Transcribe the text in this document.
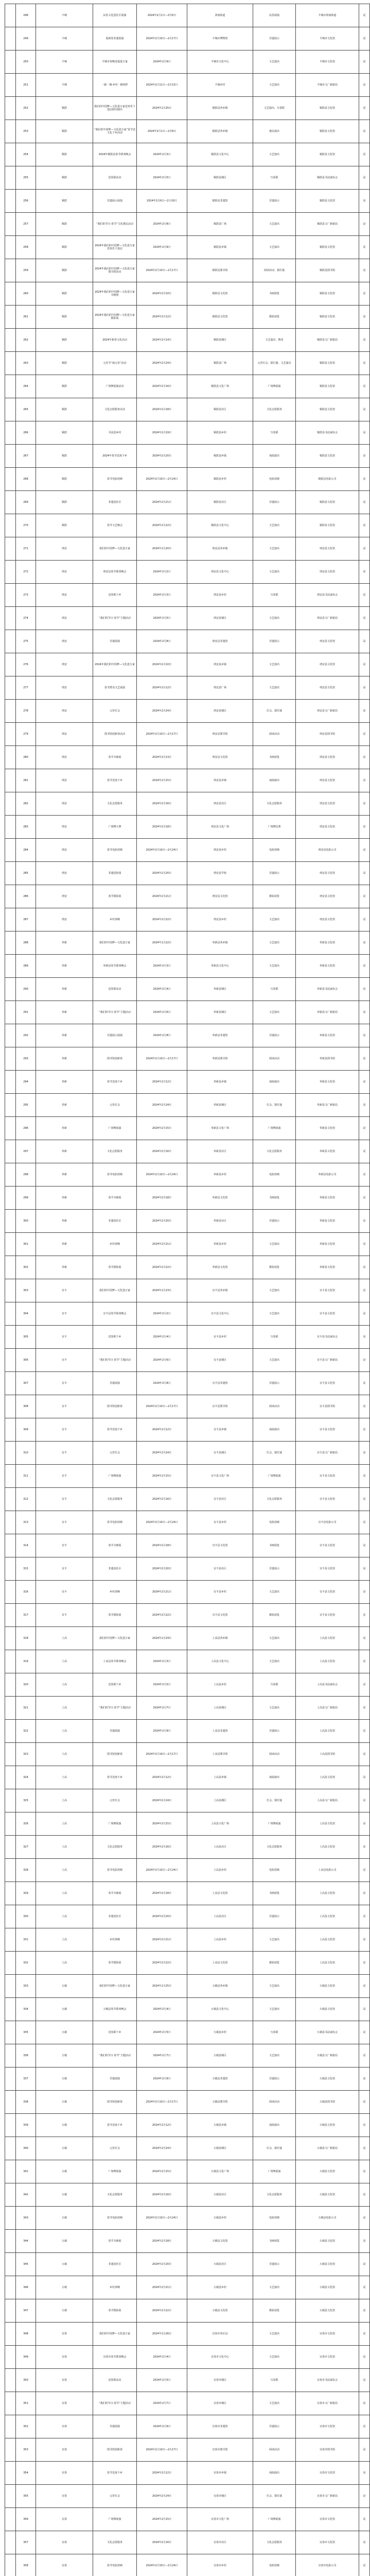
	248	丰城	民俗文化进社区展演	2024年2月1日—2月6日	剑南街道	民俗展演	丰城市剑南街道	是
	249	丰城	迎新春非遗展演	2024年2月10日—2月17日	丰城市博物馆	非遗展示	丰城市文化馆	是
	250	丰城	丰城市春晚送福进万家	2024年2月9日	丰城市文化中心	文艺演出	丰城市文化馆	是
	251	丰城	一路一城·乡村一路相伴	2024年2月11日—2月15日	丰城乡村	文艺演出	丰城市文广新旅局	是
	252	铜鼓	我们的中国梦—文化进万家送欢乐下基层慰问演出	2024年1月25日	铜鼓县各乡镇	文艺演出、写春联	铜鼓县文化馆	是
	253	铜鼓	“我们的中国梦—文化进万家”春节送文化下乡活动	2024年2月1日—2月8日	铜鼓县各乡镇	惠民演出	铜鼓县文化馆	是
	254	铜鼓	2024年铜鼓县春节联欢晚会	2024年2月3日	铜鼓县文化中心	文艺演出	铜鼓县文化馆	是
	255	铜鼓	送春联活动	2024年2月5日	铜鼓县城区	写春联	铜鼓县书法家协会	是
	256	铜鼓	非遗展示展演	2024年2月6日—2月10日	铜鼓县非遗馆	非遗展示	铜鼓县文化馆	是
	257	铜鼓	“我们的节日·春节”文化惠民活动	2024年2月8日	铜鼓县广场	文艺演出	铜鼓县文广新旅局	是
	258	铜鼓	2024年我们的中国梦—文化进万家送欢乐下基层	2024年2月9日	铜鼓县乡镇	文艺演出	铜鼓县文化馆	是
	259	铜鼓	2024年我们的中国梦—文化进万家图书馆活动	2024年2月10日—2月17日	铜鼓县图书馆	阅读活动、猜灯谜	铜鼓县图书馆	是
	260	铜鼓	2024年我们的中国梦—文化进万家书画展	2024年2月10日	铜鼓县文化馆	书画展览	铜鼓县文化馆	是
	261	铜鼓	2024年我们的中国梦—文化进万家摄影展	2024年2月12日	铜鼓县文化馆	摄影展览	铜鼓县文化馆	是
	262	铜鼓	2024年新春文化活动	2024年2月14日	铜鼓县城区	文艺演出、舞龙	铜鼓县文广新旅局	是
	263	铜鼓	元宵节“闹元宵”活动	2024年2月24日	铜鼓县广场	元宵灯会、猜灯谜、文艺演出	铜鼓县文化馆	是
	264	铜鼓	广场舞展演活动	2024年2月16日	铜鼓县文化广场	广场舞展演	铜鼓县文化馆	是
	265	铜鼓	文化志愿服务活动	2024年2月18日	铜鼓县社区	文化志愿服务	铜鼓县文化馆	是
	266	铜鼓	书法进乡村	2024年2月19日	铜鼓县乡村	写春联	铜鼓县书法家协会	是
	267	铜鼓	2024年春节送戏下乡	2024年2月20日	铜鼓县乡镇	戏曲演出	铜鼓县文化馆	是
	268	铜鼓	春节电影放映	2024年2月10日—2月24日	铜鼓县乡村	电影放映	铜鼓县电影公司	是
	269	铜鼓	非遗进社区	2024年2月21日	铜鼓县社区	非遗展示	铜鼓县文化馆	是
	270	铜鼓	春节文艺晚会	2024年2月22日	铜鼓县文化中心	文艺演出	铜鼓县文化馆	是
	271	靖安	我们的中国梦—文化进万家	2024年1月20日	靖安县各乡镇	文艺演出	靖安县文化馆	是
	272	靖安	靖安县春节联欢晚会	2024年2月2日	靖安县文化中心	文艺演出	靖安县文化馆	是
	273	靖安	送春联下乡	2024年2月3日	靖安县乡村	写春联	靖安县书法家协会	是
	274	靖安	“我们的节日·春节”主题活动	2024年2月5日	靖安县城区	文艺演出	靖安县文广新旅局	是
	275	靖安	非遗展演	2024年2月8日	靖安县非遗馆	非遗展示	靖安县文化馆	是
	276	靖安	2024年我们的中国梦—文化进万家	2024年2月10日	靖安县乡镇	文艺演出	靖安县文化馆	是
	277	靖安	春节群众文艺展演	2024年2月12日	靖安县广场	文艺演出	靖安县文化馆	是
	278	靖安	元宵灯会	2024年2月24日	靖安县城区	灯会、猜灯谜	靖安县文广新旅局	是
	279	靖安	图书馆迎新春活动	2024年2月10日—2月17日	靖安县图书馆	阅读活动	靖安县图书馆	是
	280	靖安	春节书画展	2024年2月13日	靖安县文化馆	书画展览	靖安县文化馆	是
	281	靖安	春节送戏下乡	2024年2月15日	靖安县乡镇	戏曲演出	靖安县文化馆	是
	282	靖安	文化志愿服务	2024年2月16日	靖安县社区	文化志愿服务	靖安县文化馆	是
	283	靖安	广场舞大赛	2024年2月18日	靖安县文化广场	广场舞比赛	靖安县文化馆	是
	284	靖安	春节电影放映	2024年2月10日—2月24日	靖安县乡村	电影放映	靖安县电影公司	是
	285	靖安	非遗进校园	2024年2月20日	靖安县学校	非遗展示	靖安县文化馆	是
	286	靖安	春节摄影展	2024年2月21日	靖安县文化馆	摄影展览	靖安县文化馆	是
	287	靖安	乡村春晚	2024年2月22日	靖安县乡村	文艺演出	靖安县文化馆	是
	288	奉新	我们的中国梦—文化进万家	2024年1月22日	奉新县各乡镇	文艺演出	奉新县文化馆	是
	289	奉新	奉新县春节联欢晚会	2024年2月3日	奉新县文化中心	文艺演出	奉新县文化馆	是
	290	奉新	送春联活动	2024年2月4日	奉新县城区	写春联	奉新县书法家协会	是
	291	奉新	“我们的节日·春节”主题活动	2024年2月6日	奉新县城区	文艺演出	奉新县文广新旅局	是
	292	奉新	非遗展示展演	2024年2月8日	奉新县非遗馆	非遗展示	奉新县文化馆	是
	293	奉新	图书馆迎新春	2024年2月10日—2月17日	奉新县图书馆	阅读活动	奉新县图书馆	是
	294	奉新	春节送戏下乡	2024年2月12日	奉新县乡镇	戏曲演出	奉新县文化馆	是
	295	奉新	元宵灯会	2024年2月24日	奉新县城区	灯会、猜灯谜	奉新县文广新旅局	是
	296	奉新	广场舞展演	2024年2月15日	奉新县文化广场	广场舞展演	奉新县文化馆	是
	297	奉新	文化志愿服务	2024年2月16日	奉新县社区	文化志愿服务	奉新县文化馆	是
	298	奉新	春节电影放映	2024年2月10日—2月24日	奉新县乡村	电影放映	奉新县电影公司	是
	299	奉新	春节书画展	2024年2月18日	奉新县文化馆	书画展览	奉新县文化馆	是
	300	奉新	非遗进社区	2024年2月20日	奉新县社区	非遗展示	奉新县文化馆	是
	301	奉新	乡村春晚	2024年2月21日	奉新县乡村	文艺演出	奉新县文化馆	是
	302	奉新	春节摄影展	2024年2月22日	奉新县文化馆	摄影展览	奉新县文化馆	是
	303	宜丰	我们的中国梦—文化进万家	2024年1月23日	宜丰县各乡镇	文艺演出	宜丰县文化馆	是
	304	宜丰	宜丰县春节联欢晚会	2024年2月2日	宜丰县文化中心	文艺演出	宜丰县文化馆	是
	305	宜丰	送春联下乡	2024年2月4日	宜丰县乡村	写春联	宜丰县书法家协会	是
	306	宜丰	“我们的节日·春节”主题活动	2024年2月6日	宜丰县城区	文艺演出	宜丰县文广新旅局	是
	307	宜丰	非遗展演	2024年2月8日	宜丰县非遗馆	非遗展示	宜丰县文化馆	是
	308	宜丰	图书馆迎新春	2024年2月10日—2月17日	宜丰县图书馆	阅读活动	宜丰县图书馆	是
	309	宜丰	春节送戏下乡	2024年2月12日	宜丰县乡镇	戏曲演出	宜丰县文化馆	是
	310	宜丰	元宵灯会	2024年2月24日	宜丰县城区	灯会、猜灯谜	宜丰县文广新旅局	是
	311	宜丰	广场舞展演	2024年2月15日	宜丰县文化广场	广场舞展演	宜丰县文化馆	是
	312	宜丰	文化志愿服务	2024年2月16日	宜丰县社区	文化志愿服务	宜丰县文化馆	是
	313	宜丰	春节电影放映	2024年2月10日—2月24日	宜丰县乡村	电影放映	宜丰县电影公司	是
	314	宜丰	春节书画展	2024年2月18日	宜丰县文化馆	书画展览	宜丰县文化馆	是
	315	宜丰	非遗进社区	2024年2月20日	宜丰县社区	非遗展示	宜丰县文化馆	是
	316	宜丰	乡村春晚	2024年2月21日	宜丰县乡村	文艺演出	宜丰县文化馆	是
	317	宜丰	春节摄影展	2024年2月22日	宜丰县文化馆	摄影展览	宜丰县文化馆	是
	318	上高	我们的中国梦—文化进万家	2024年1月24日	上高县各乡镇	文艺演出	上高县文化馆	是
	319	上高	上高县春节联欢晚会	2024年2月3日	上高县文化中心	文艺演出	上高县文化馆	是
	320	上高	送春联下乡	2024年2月5日	上高县乡村	写春联	上高县书法家协会	是
	321	上高	“我们的节日·春节”主题活动	2024年2月7日	上高县城区	文艺演出	上高县文广新旅局	是
	322	上高	非遗展演	2024年2月9日	上高县非遗馆	非遗展示	上高县文化馆	是
	323	上高	图书馆迎新春	2024年2月10日—2月17日	上高县图书馆	阅读活动	上高县图书馆	是
	324	上高	春节送戏下乡	2024年2月12日	上高县乡镇	戏曲演出	上高县文化馆	是
	325	上高	元宵灯会	2024年2月24日	上高县城区	灯会、猜灯谜	上高县文广新旅局	是
	326	上高	广场舞展演	2024年2月15日	上高县文化广场	广场舞展演	上高县文化馆	是
	327	上高	文化志愿服务	2024年2月16日	上高县社区	文化志愿服务	上高县文化馆	是
	328	上高	春节电影放映	2024年2月10日—2月24日	上高县乡村	电影放映	上高县电影公司	是
	329	上高	春节书画展	2024年2月18日	上高县文化馆	书画展览	上高县文化馆	是
	330	上高	非遗进社区	2024年2月20日	上高县社区	非遗展示	上高县文化馆	是
	331	上高	乡村春晚	2024年2月21日	上高县乡村	文艺演出	上高县文化馆	是
	332	上高	春节摄影展	2024年2月22日	上高县文化馆	摄影展览	上高县文化馆	是
	333	万载	我们的中国梦—文化进万家	2024年1月25日	万载县各乡镇	文艺演出	万载县文化馆	是
	334	万载	万载县春节联欢晚会	2024年2月4日	万载县文化中心	文艺演出	万载县文化馆	是
	335	万载	送春联下乡	2024年2月5日	万载县乡村	写春联	万载县书法家协会	是
	336	万载	“我们的节日·春节”主题活动	2024年2月7日	万载县城区	文艺演出	万载县文广新旅局	是
	337	万载	非遗展演	2024年2月9日	万载县非遗馆	非遗展示	万载县文化馆	是
	338	万载	图书馆迎新春	2024年2月10日—2月17日	万载县图书馆	阅读活动	万载县图书馆	是
	339	万载	春节送戏下乡	2024年2月12日	万载县乡镇	戏曲演出	万载县文化馆	是
	340	万载	元宵灯会	2024年2月24日	万载县城区	灯会、猜灯谜	万载县文广新旅局	是
	341	万载	广场舞展演	2024年2月15日	万载县文化广场	广场舞展演	万载县文化馆	是
	342	万载	文化志愿服务	2024年2月16日	万载县社区	文化志愿服务	万载县文化馆	是
	343	万载	春节电影放映	2024年2月10日—2月24日	万载县乡村	电影放映	万载县电影公司	是
	344	万载	春节书画展	2024年2月18日	万载县文化馆	书画展览	万载县文化馆	是
	345	万载	非遗进社区	2024年2月20日	万载县社区	非遗展示	万载县文化馆	是
	346	万载	乡村春晚	2024年2月21日	万载县乡村	文艺演出	万载县文化馆	是
	347	万载	春节摄影展	2024年2月22日	万载县文化馆	摄影展览	万载县文化馆	是
	348	宜春	我们的中国梦—文化进万家	2024年1月26日	宜春市各区县	文艺演出	宜春市文化馆	是
	349	宜春	宜春市春节联欢晚会	2024年2月4日	宜春市文化中心	文艺演出	宜春市文化馆	是
	350	宜春	送春联活动	2024年2月5日	宜春市城区	写春联	宜春市书法家协会	是
	351	宜春	“我们的节日·春节”主题活动	2024年2月7日	宜春市城区	文艺演出	宜春市文广新旅局	是
	352	宜春	非遗展演	2024年2月9日	宜春市非遗馆	非遗展示	宜春市文化馆	是
	353	宜春	图书馆迎新春	2024年2月10日—2月17日	宜春市图书馆	阅读活动	宜春市图书馆	是
	354	宜春	春节送戏下乡	2024年2月12日	宜春市乡镇	戏曲演出	宜春市文化馆	是
	355	宜春	元宵灯会	2024年2月24日	宜春市城区	灯会、猜灯谜	宜春市文广新旅局	是
	356	宜春	广场舞展演	2024年2月15日	宜春市文化广场	广场舞展演	宜春市文化馆	是
	357	宜春	文化志愿服务	2024年2月16日	宜春市社区	文化志愿服务	宜春市文化馆	是
	358	宜春	春节电影放映	2024年2月10日—2月24日	宜春市乡村	电影放映	宜春市电影公司	是
